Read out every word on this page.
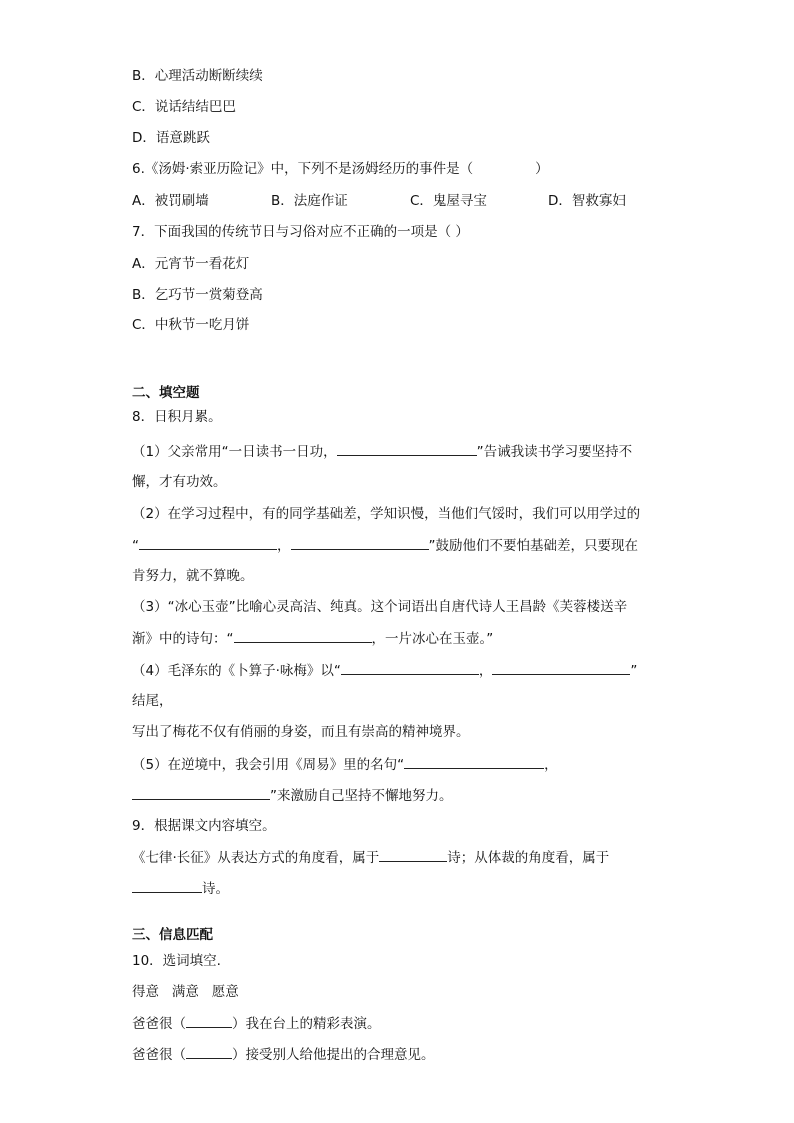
B．心理活动断断续续
C．说话结结巴巴
D．语意跳跃
6.《汤姆·索亚历险记》中，下列不是汤姆经历的事件是（	）
A．被罚刷墙	B．法庭作证	C．鬼屋寻宝	D．智救寡妇
7．下面我国的传统节日与习俗对应不正确的一项是（ ）
A．元宵节一看花灯
B．乞巧节一赏菊登高
C．中秋节一吃月饼
二、填空题
8．日积月累。
（1）父亲常用“一日读书一日功，	”告诫我读书学习要坚持不
懈，才有功效。
（2）在学习过程中，有的同学基础差，学知识慢，当他们气馁时，我们可以用学过的
“	，	”鼓励他们不要怕基础差，只要现在
肯努力，就不算晚。
（3）“冰心玉壶”比喻心灵高洁、纯真。这个词语出自唐代诗人王昌龄《芙蓉楼送辛
渐》中的诗句：“	，一片冰心在玉壶。”
（4）毛泽东的《卜算子·咏梅》以“	，	”
结尾，
写出了梅花不仅有俏丽的身姿，而且有崇高的精神境界。
（5）在逆境中，我会引用《周易》里的名句“	，
”来激励自己坚持不懈地努力。
9．根据课文内容填空。
《七律·长征》从表达方式的角度看，属于	诗；从体裁的角度看，属于
诗。
三、信息匹配
10．选词填空.
得意   满意   愿意
爸爸很（	）我在台上的精彩表演。
爸爸很（	）接受别人给他提出的合理意见。
